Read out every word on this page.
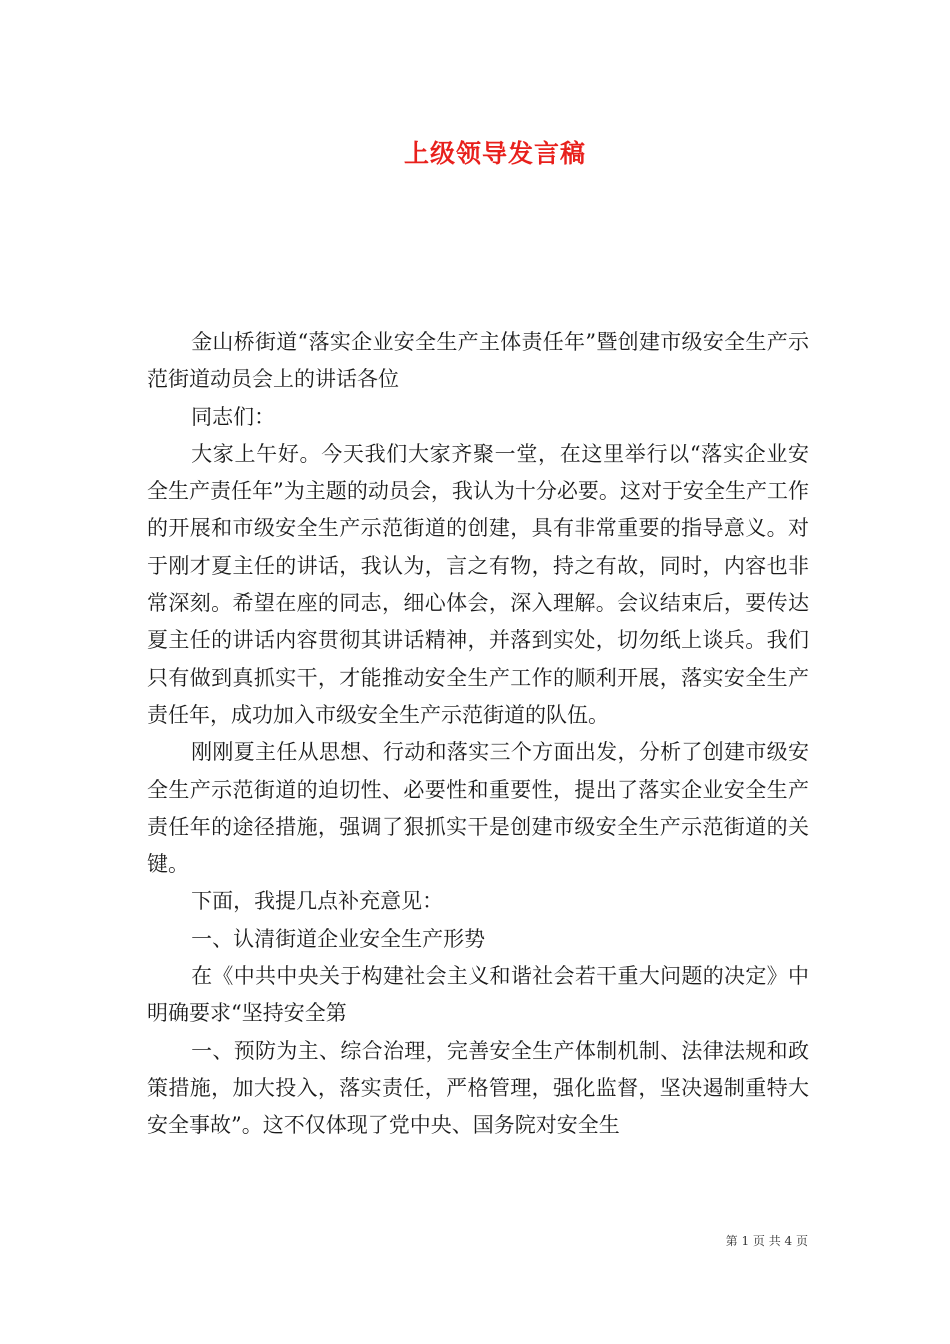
上级领导发言稿

金山桥街道“落实企业安全生产主体责任年”暨创建市级安全生产示范街道动员会上的讲话各位

同志们：

大家上午好。今天我们大家齐聚一堂，在这里举行以“落实企业安全生产责任年”为主题的动员会，我认为十分必要。这对于安全生产工作的开展和市级安全生产示范街道的创建，具有非常重要的指导意义。对于刚才夏主任的讲话，我认为，言之有物，持之有故，同时，内容也非常深刻。希望在座的同志，细心体会，深入理解。会议结束后，要传达夏主任的讲话内容贯彻其讲话精神，并落到实处，切勿纸上谈兵。我们只有做到真抓实干，才能推动安全生产工作的顺利开展，落实安全生产责任年，成功加入市级安全生产示范街道的队伍。

刚刚夏主任从思想、行动和落实三个方面出发，分析了创建市级安全生产示范街道的迫切性、必要性和重要性，提出了落实企业安全生产责任年的途径措施，强调了狠抓实干是创建市级安全生产示范街道的关键。

下面，我提几点补充意见：

一、认清街道企业安全生产形势

在《中共中央关于构建社会主义和谐社会若干重大问题的决定》中明确要求“坚持安全第

一、预防为主、综合治理，完善安全生产体制机制、法律法规和政策措施，加大投入，落实责任，严格管理，强化监督，坚决遏制重特大安全事故”。这不仅体现了党中央、国务院对安全生

第 1 页 共 4 页
